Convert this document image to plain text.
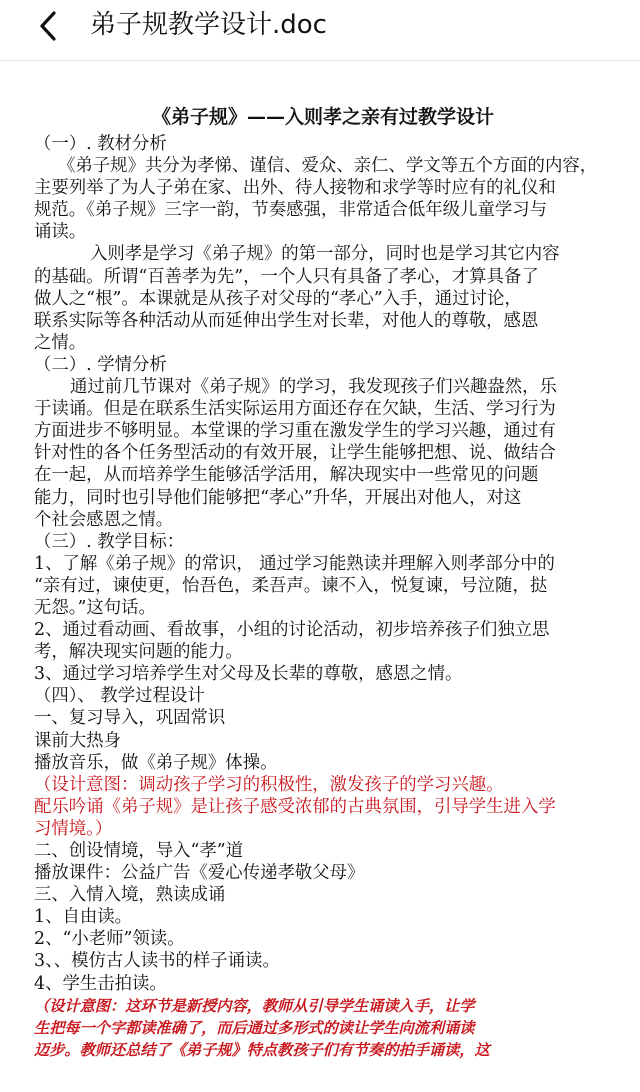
弟子规教学设计.doc
《弟子规》——入则孝之亲有过教学设计
（一）. 教材分析
《弟子规》共分为孝悌、谨信、爱众、亲仁、学文等五个方面的内容，
主要列举了为人子弟在家、出外、待人接物和求学等时应有的礼仪和
规范。《弟子规》三字一韵，节奏感强，非常适合低年级儿童学习与
诵读。
入则孝是学习《弟子规》的第一部分，同时也是学习其它内容
的基础。所谓“百善孝为先”，一个人只有具备了孝心，才算具备了
做人之“根”。本课就是从孩子对父母的“孝心”入手，通过讨论，
联系实际等各种活动从而延伸出学生对长辈，对他人的尊敬，感恩
之情。
（二）. 学情分析
通过前几节课对《弟子规》的学习，我发现孩子们兴趣盎然，乐
于读诵。但是在联系生活实际运用方面还存在欠缺，生活、学习行为
方面进步不够明显。本堂课的学习重在激发学生的学习兴趣，通过有
针对性的各个任务型活动的有效开展，让学生能够把想、说、做结合
在一起，从而培养学生能够活学活用，解决现实中一些常见的问题
能力，同时也引导他们能够把“孝心”升华，开展出对他人，对这
个社会感恩之情。
（三）. 教学目标：
1、了解《弟子规》的常识， 通过学习能熟读并理解入则孝部分中的
“亲有过，谏使更，怡吾色，柔吾声。谏不入，悦复谏，号泣随，挞
无怨。”这句话。
2、通过看动画、看故事，小组的讨论活动，初步培养孩子们独立思
考，解决现实问题的能力。
3、通过学习培养学生对父母及长辈的尊敬，感恩之情。
（四）、 教学过程设计
一、复习导入，巩固常识
课前大热身
播放音乐，做《弟子规》体操。
（设计意图：调动孩子学习的积极性，激发孩子的学习兴趣。
配乐吟诵《弟子规》是让孩子感受浓郁的古典氛围，引导学生进入学
习情境。）
二、创设情境，导入“孝”道
播放课件：公益广告《爱心传递孝敬父母》
三、入情入境，熟读成诵
1、自由读。
2、“小老师”领读。
3、、模仿古人读书的样子诵读。
4、学生击拍读。
（设计意图：这环节是新授内容，教师从引导学生诵读入手，让学
生把每一个字都读准确了，而后通过多形式的读让学生向流利诵读
迈步。教师还总结了《弟子规》特点教孩子们有节奏的拍手诵读，这
